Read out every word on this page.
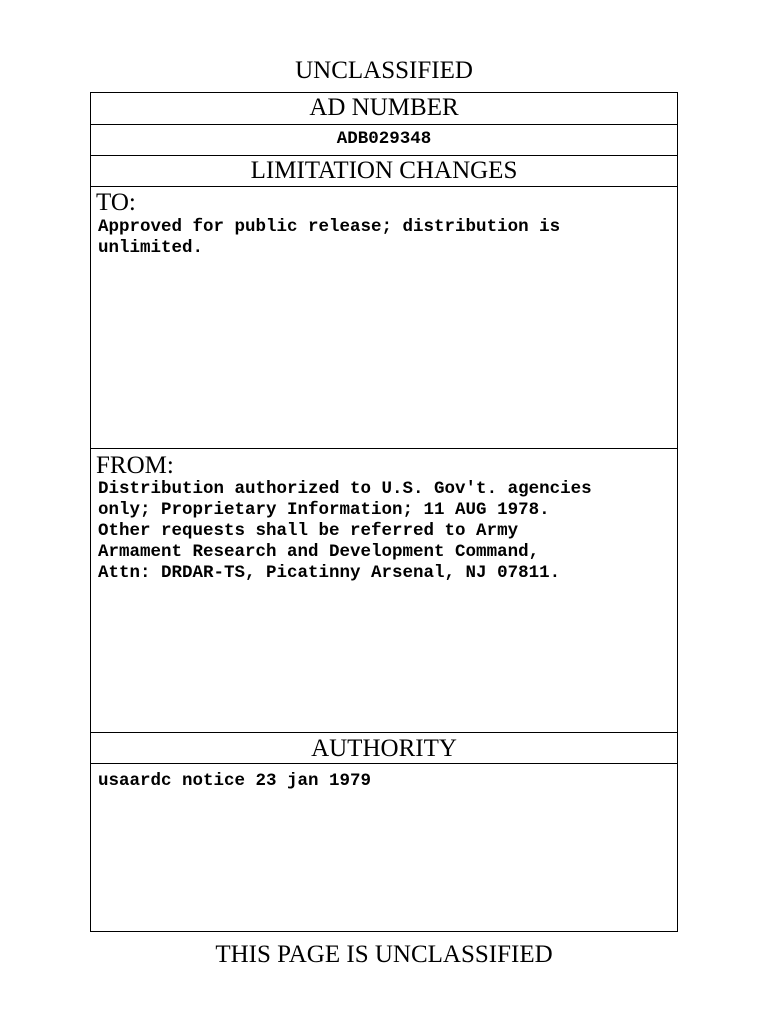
UNCLASSIFIED
AD NUMBER
ADB029348
LIMITATION CHANGES
TO:
Approved for public release; distribution is
unlimited.
FROM:
Distribution authorized to U.S. Gov't. agencies
only; Proprietary Information; 11 AUG 1978.
Other requests shall be referred to Army
Armament Research and Development Command,
Attn: DRDAR-TS, Picatinny Arsenal, NJ 07811.
AUTHORITY
usaardc notice 23 jan 1979
THIS PAGE IS UNCLASSIFIED
